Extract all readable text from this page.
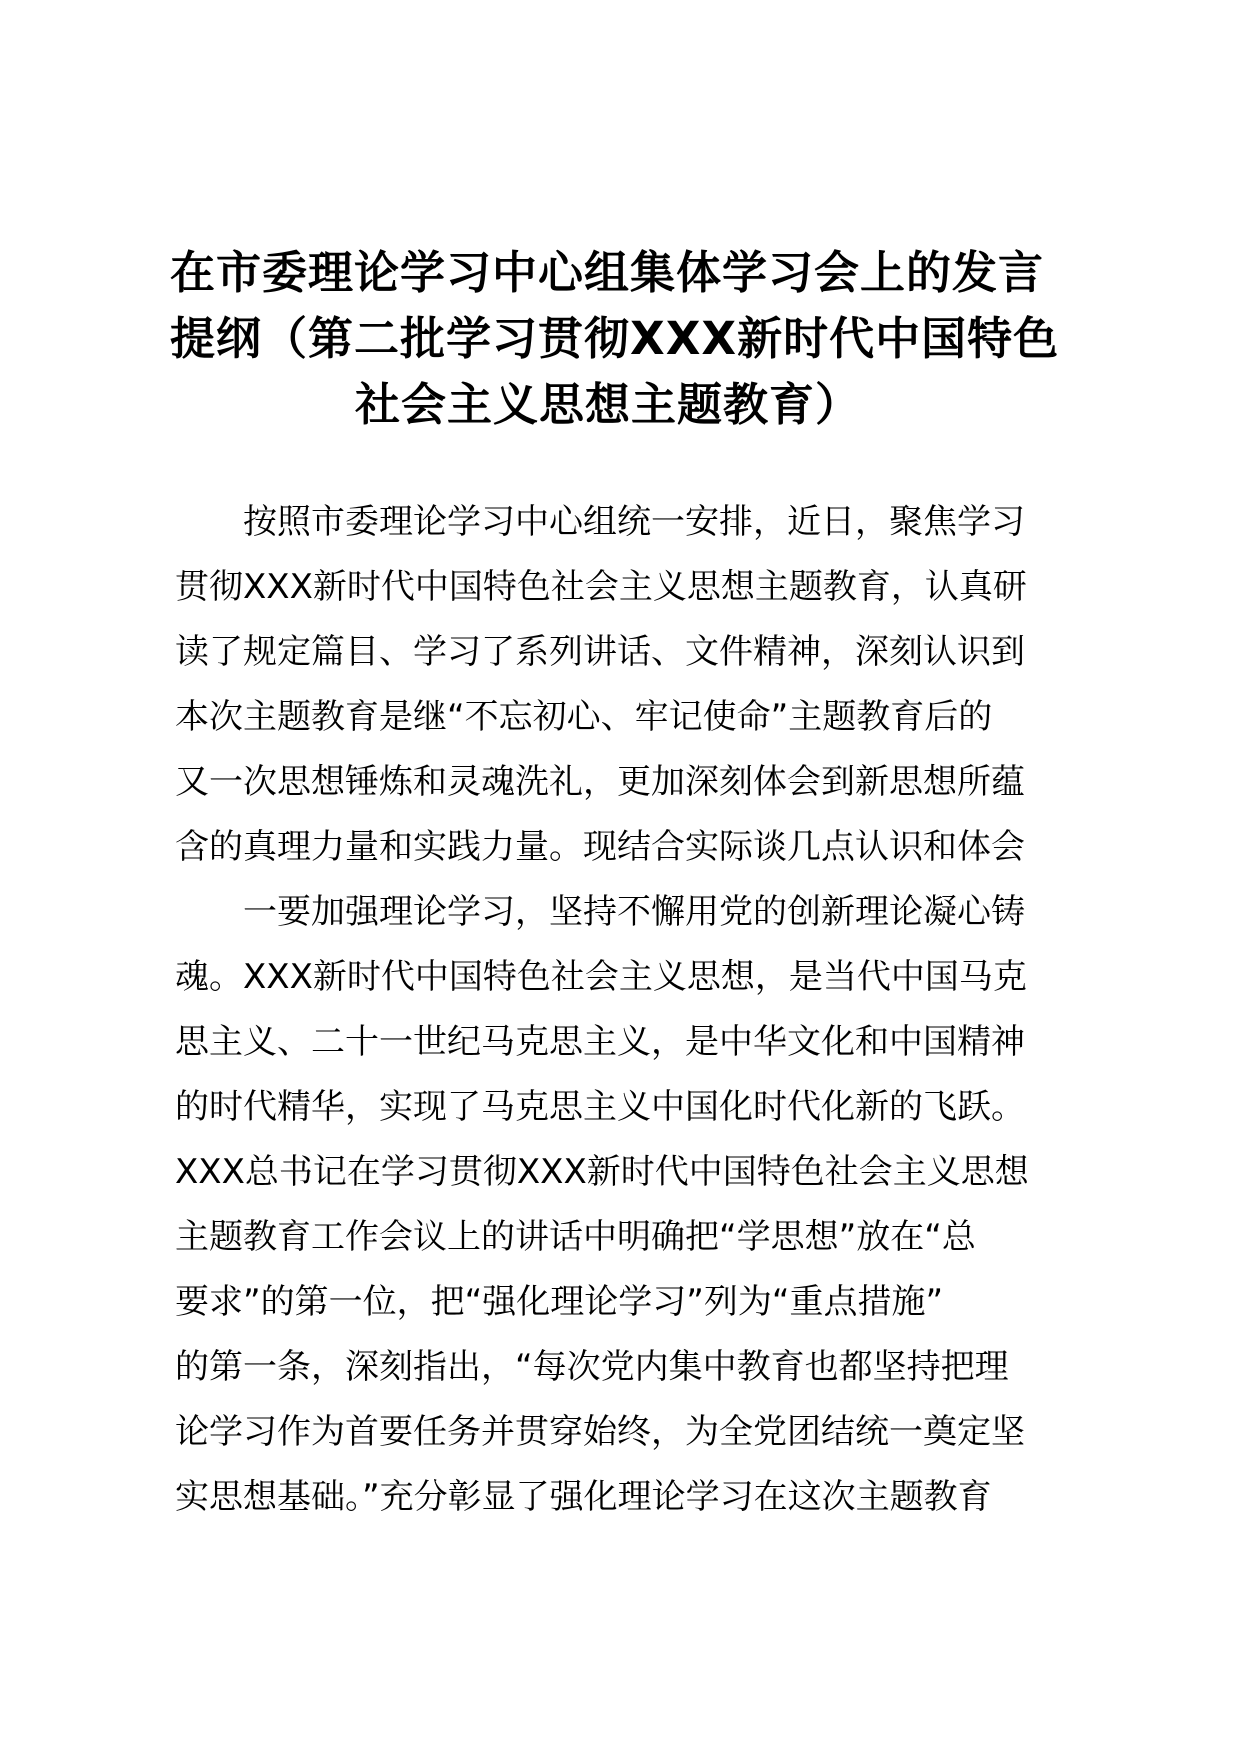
在市委理论学习中心组集体学习会上的发言
提纲（第二批学习贯彻XXX新时代中国特色
社会主义思想主题教育）

按照市委理论学习中心组统一安排，近日，聚焦学习
贯彻XXX新时代中国特色社会主义思想主题教育，认真研
读了规定篇目、学习了系列讲话、文件精神，深刻认识到
本次主题教育是继“不忘初心、牢记使命”主题教育后的
又一次思想锤炼和灵魂洗礼，更加深刻体会到新思想所蕴
含的真理力量和实践力量。现结合实际谈几点认识和体会

一要加强理论学习，坚持不懈用党的创新理论凝心铸
魂。XXX新时代中国特色社会主义思想，是当代中国马克
思主义、二十一世纪马克思主义，是中华文化和中国精神
的时代精华，实现了马克思主义中国化时代化新的飞跃。
XXX总书记在学习贯彻XXX新时代中国特色社会主义思想
主题教育工作会议上的讲话中明确把“学思想”放在“总
要求”的第一位，把“强化理论学习”列为“重点措施”
的第一条，深刻指出，“每次党内集中教育也都坚持把理
论学习作为首要任务并贯穿始终，为全党团结统一奠定坚
实思想基础。”充分彰显了强化理论学习在这次主题教育
